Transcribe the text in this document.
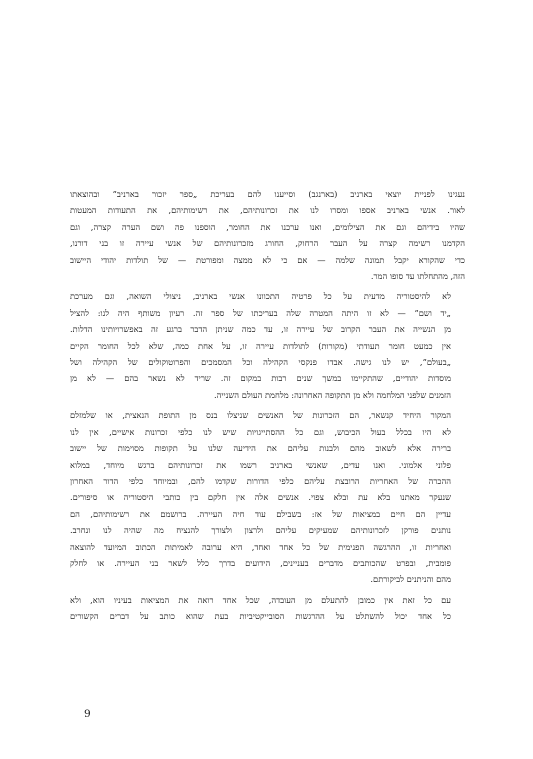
נעגינו לפניית יוצאי בארניב (בארנגב) וסייענו להם בעריכת „ספר יזכור בארניב” ובהוצאתו
לאור. אנשי בארניב אספו ומסרו לנו את זכרונותיהם, את רשימותיהם, את התעודות המעטות
שהיו בידיהם וגם את הצילומים, ואנו ערכנו את החומר, הוספנו פה ושם הערה קצרה, וגם
הקדמנו רשימה קצרה על העבר הרחוק, החורג מזכרונותיהם של אנשי עיירה זו בני דורנו,
כדי שהקורא יקבל תמונה שלמה — אם כי לא ממצה ומפורטת — של תולדות יהודי היישוב
הזה, מהתחלתו עד סופו המר.

לא להיסטוריה מדעית על כל פרטיה התכוונו אנשי בארניב, ניצולי השואה, וגם מערכת
„יד ושם” — לא זו היתה המטרה שלה בעריכתו של ספר זה. רעיון משותף היה לנו: להציל
מן הנשייה את העבר הקרוב של עיירה זו, עד כמה שניתן הדבר ברגע זה באפשרויותינו הדלות.
אין כמעט חומר תעודתי (מקורות) לתולדות עיירה זו, על אחת כמה, שלא לכל החומר הקיים
„בעולם”, יש לנו גישה. אבדו פנקסי הקהילה וכל המסמכים והפרוטוקולים של הקהילה ושל
מוסדות יהודיים, שהתקיימו במשך שנים רבות במקום זה. שריד לא נשאר בהם — לא מן
הזמנים שלפני המלחמה ולא מן התקופה האחרונה: מלחמת העולם השנייה.

המקור היחיד קנשאר, הם הזכרונות של האנשים שניצלו בנס מן התופת הנאצית, או שלמזלם
לא היו בכלל בעול הכיבוש, וגם כל ההסתייגויות שיש לנו כלפי זכרונות אישיים, אין לנו
ברירה אלא לשאוב מהם ולבנות עליהם את הידיעה שלנו על תקופות מסוימות של יישוב
פלוני אלמוני. ואנו עדים, שאנשי בארניב רשמו את זכרונותיהם ברגש מיוחד, במלוא
ההכרה של האחריות הרובצת עליהם כלפי הדורות שקדמו להם, ובמיוחד כלפי הדור האחרון
שנעקר מאתנו בלא עת ובלא צפוי. אנשים אלה אין חלקם בין כותבי היסטוריה או סיפורים.
עדיין הם חיים במציאות של אז: בשבילם עוד חיה העיירה. ברושמם את רשימותיהם, הם
נותנים פורקן לזכרונותיהם שמעיקים עליהם ולרצון ולצורך להנציח מה שהיה לנו ונחרב.
ואחריות זו, ההרגשה הפנימית של כל אחד ואחד, היא ערובה לאמיתות הכתוב המיועד להוצאה
פומבית, ובפרט שהכותבים מדברים בעניינים, הידועים בדרך כלל לשאר בני העיירה. או לחלק
מהם והניתנים לביקורתם.

עם כל זאת אין כמובן להתעלם מן העובדה, שכל אחד רואה את המציאות בעיניו הוא, ולא
כל אחד יכול להשתלט על ההרגשות הסובייקטיביות בעת שהוא כותב על דברים הקשורים

9
